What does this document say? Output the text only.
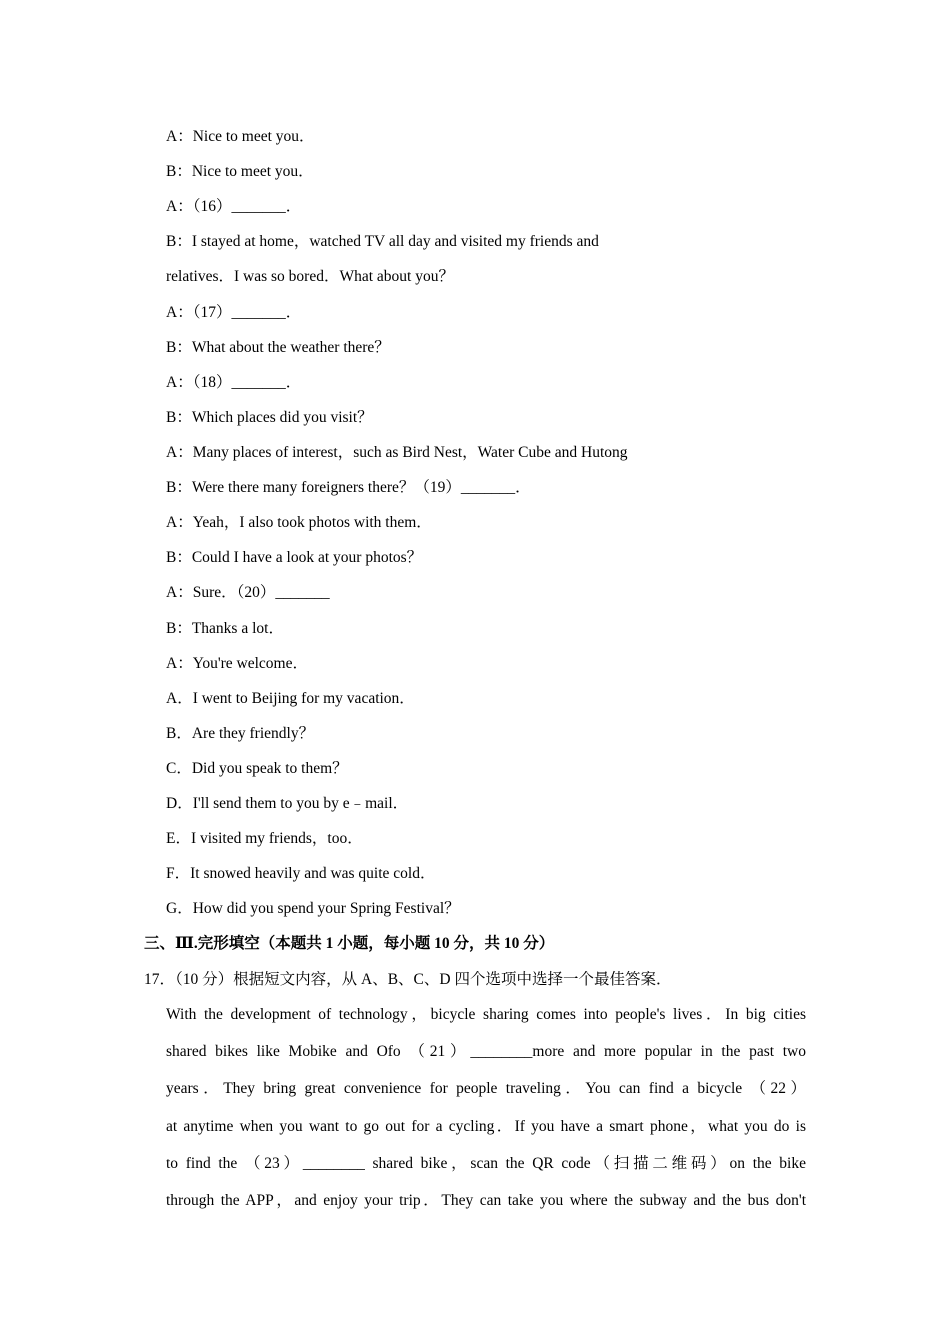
A：Nice to meet you．
B：Nice to meet you．
A：（16）_______．
B：I stayed at home，watched TV all day and visited my friends and
relatives．I was so bored．What about you？
A：（17）_______．
B：What about the weather there？
A：（18）_______．
B：Which places did you visit？
A：Many places of interest，such as Bird Nest，Water Cube and Hutong
B：Were there many foreigners there？（19）_______．
A：Yeah，I also took photos with them．
B：Could I have a look at your photos？
A：Sure．（20）_______
B：Thanks a lot．
A：You're welcome．
A．I went to Beijing for my vacation．
B．Are they friendly？
C．Did you speak to them？
D．I'll send them to you by e﹣mail．
E．I visited my friends，too．
F．It snowed heavily and was quite cold．
G．How did you spend your Spring Festival？
三、Ⅲ.完形填空（本题共 1 小题，每小题 10 分，共 10 分）
17．（10 分）根据短文内容，从 A、B、C、D 四个选项中选择一个最佳答案．
With the development of technology，bicycle sharing comes into people's lives．In big cities
shared bikes like Mobike and Ofo （21）________more and more popular in the past two
years．They bring great convenience for people traveling．You can find a bicycle （22）
at anytime when you want to go out for a cycling．If you have a smart phone，what you do is
to find the （23）________ shared bike，scan the QR code（扫描二维码）on the bike
through the APP，and enjoy your trip．They can take you where the subway and the bus don't
